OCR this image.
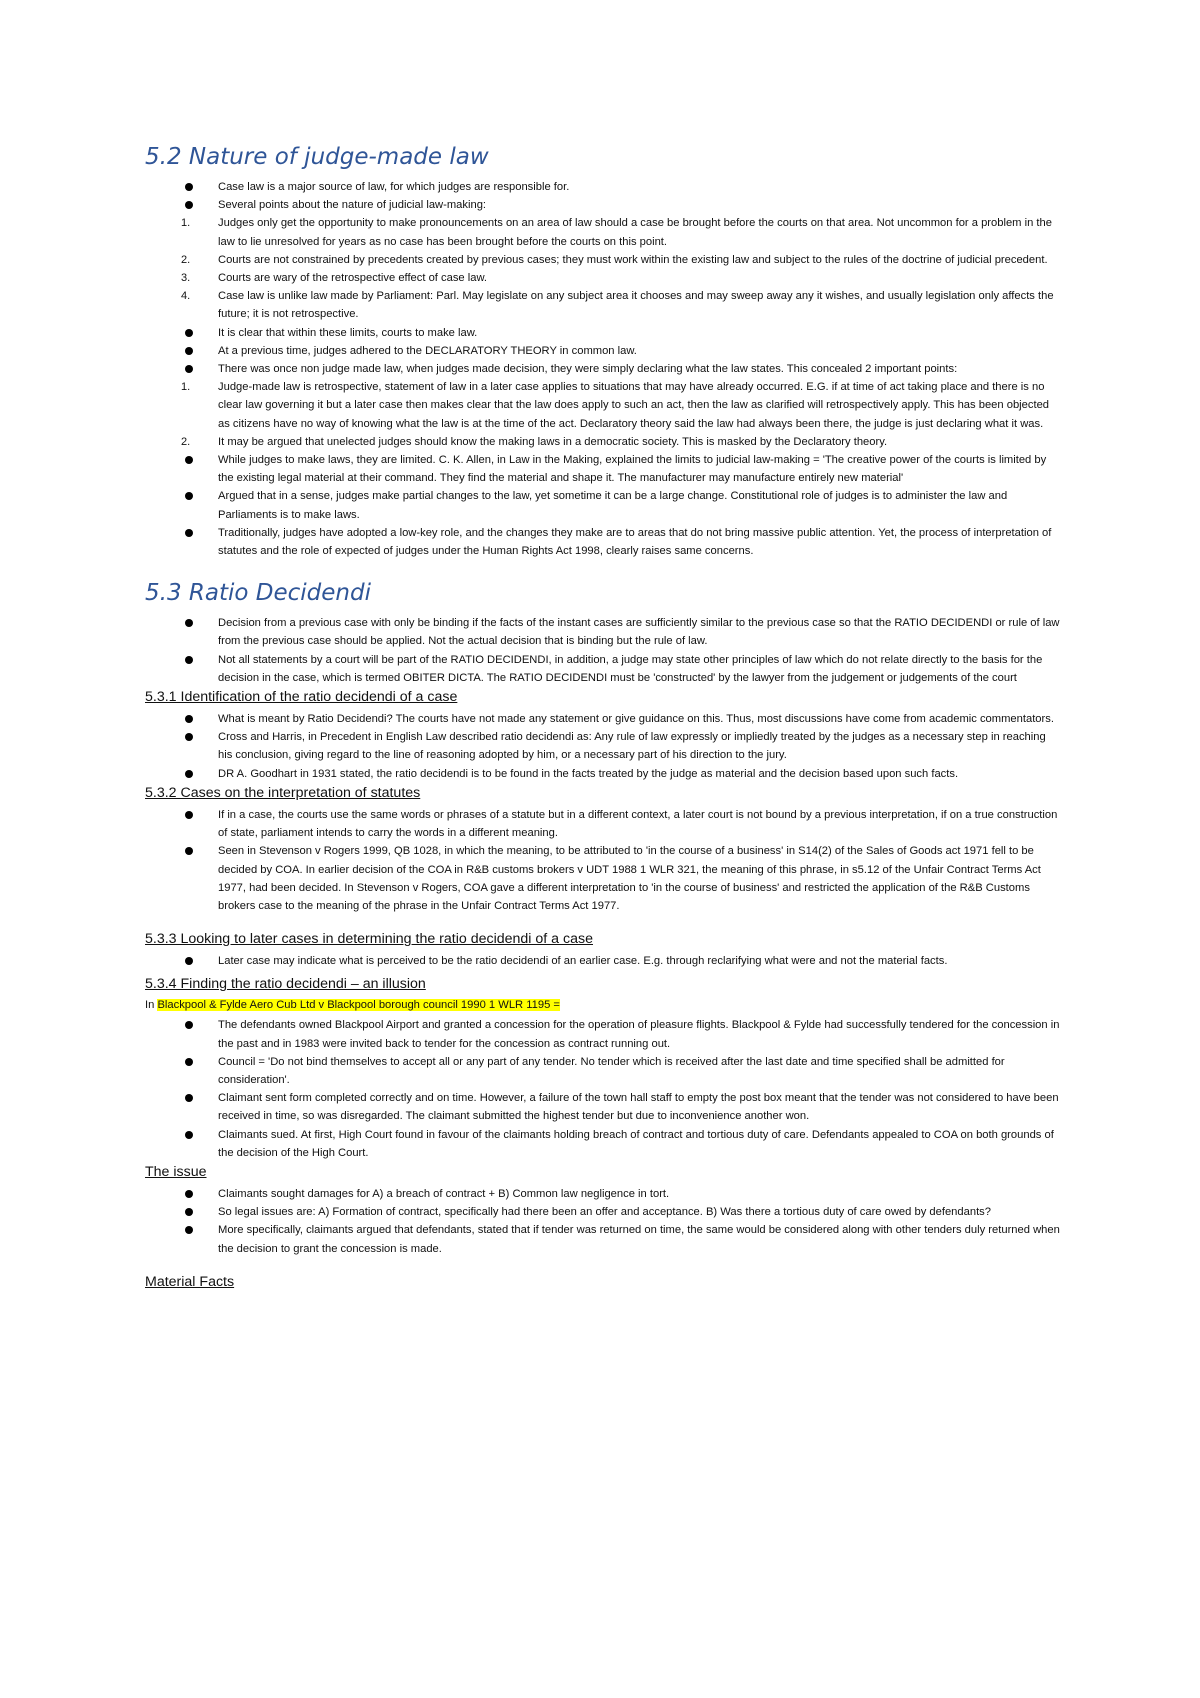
5.2 Nature of judge-made law
Case law is a major source of law, for which judges are responsible for.
Several points about the nature of judicial law-making:
1.	Judges only get the opportunity to make pronouncements on an area of law should a case be brought before the courts on that area. Not uncommon for a problem in the law to lie unresolved for years as no case has been brought before the courts on this point.
2.	Courts are not constrained by precedents created by previous cases; they must work within the existing law and subject to the rules of the doctrine of judicial precedent.
3.	Courts are wary of the retrospective effect of case law.
4.	Case law is unlike law made by Parliament: Parl. May legislate on any subject area it chooses and may sweep away any it wishes, and usually legislation only affects the future; it is not retrospective.
It is clear that within these limits, courts to make law.
At a previous time, judges adhered to the DECLARATORY THEORY in common law.
There was once non judge made law, when judges made decision, they were simply declaring what the law states. This concealed 2 important points:
1.	Judge-made law is retrospective, statement of law in a later case applies to situations that may have already occurred. E.G. if at time of act taking place and there is no clear law governing it but a later case then makes clear that the law does apply to such an act, then the law as clarified will retrospectively apply. This has been objected as citizens have no way of knowing what the law is at the time of the act. Declaratory theory said the law had always been there, the judge is just declaring what it was.
2.	It may be argued that unelected judges should know the making laws in a democratic society. This is masked by the Declaratory theory.
While judges to make laws, they are limited. C. K. Allen, in Law in the Making, explained the limits to judicial law-making = 'The creative power of the courts is limited by the existing legal material at their command. They find the material and shape it. The manufacturer may manufacture entirely new material'
Argued that in a sense, judges make partial changes to the law, yet sometime it can be a large change. Constitutional role of judges is to administer the law and Parliaments is to make laws.
Traditionally, judges have adopted a low-key role, and the changes they make are to areas that do not bring massive public attention. Yet, the process of interpretation of statutes and the role of expected of judges under the Human Rights Act 1998, clearly raises same concerns.
5.3 Ratio Decidendi
Decision from a previous case with only be binding if the facts of the instant cases are sufficiently similar to the previous case so that the RATIO DECIDENDI or rule of law from the previous case should be applied. Not the actual decision that is binding but the rule of law.
Not all statements by a court will be part of the RATIO DECIDENDI, in addition, a judge may state other principles of law which do not relate directly to the basis for the decision in the case, which is termed OBITER DICTA. The RATIO DECIDENDI must be 'constructed' by the lawyer from the judgement or judgements of the court
5.3.1 Identification of the ratio decidendi of a case
What is meant by Ratio Decidendi? The courts have not made any statement or give guidance on this. Thus, most discussions have come from academic commentators.
Cross and Harris, in Precedent in English Law described ratio decidendi as: Any rule of law expressly or impliedly treated by the judges as a necessary step in reaching his conclusion, giving regard to the line of reasoning adopted by him, or a necessary part of his direction to the jury.
DR A. Goodhart in 1931 stated, the ratio decidendi is to be found in the facts treated by the judge as material and the decision based upon such facts.
5.3.2 Cases on the interpretation of statutes
If in a case, the courts use the same words or phrases of a statute but in a different context, a later court is not bound by a previous interpretation, if on a true construction of state, parliament intends to carry the words in a different meaning.
Seen in Stevenson v Rogers 1999, QB 1028, in which the meaning, to be attributed to 'in the course of a business' in S14(2) of the Sales of Goods act 1971 fell to be decided by COA. In earlier decision of the COA in R&B customs brokers v UDT 1988 1 WLR 321, the meaning of this phrase, in s5.12 of the Unfair Contract Terms Act 1977, had been decided. In Stevenson v Rogers, COA gave a different interpretation to 'in the course of business' and restricted the application of the R&B Customs brokers case to the meaning of the phrase in the Unfair Contract Terms Act 1977.
5.3.3 Looking to later cases in determining the ratio decidendi of a case
Later case may indicate what is perceived to be the ratio decidendi of an earlier case. E.g. through reclarifying what were and not the material facts.
5.3.4 Finding the ratio decidendi – an illusion
In Blackpool & Fylde Aero Cub Ltd v Blackpool borough council 1990 1 WLR 1195 =
The defendants owned Blackpool Airport and granted a concession for the operation of pleasure flights. Blackpool & Fylde had successfully tendered for the concession in the past and in 1983 were invited back to tender for the concession as contract running out.
Council = 'Do not bind themselves to accept all or any part of any tender. No tender which is received after the last date and time specified shall be admitted for consideration'.
Claimant sent form completed correctly and on time. However, a failure of the town hall staff to empty the post box meant that the tender was not considered to have been received in time, so was disregarded. The claimant submitted the highest tender but due to inconvenience another won.
Claimants sued. At first, High Court found in favour of the claimants holding breach of contract and tortious duty of care. Defendants appealed to COA on both grounds of the decision of the High Court.
The issue
Claimants sought damages for A) a breach of contract + B) Common law negligence in tort.
So legal issues are: A) Formation of contract, specifically had there been an offer and acceptance. B) Was there a tortious duty of care owed by defendants?
More specifically, claimants argued that defendants, stated that if tender was returned on time, the same would be considered along with other tenders duly returned when the decision to grant the concession is made.
Material Facts
